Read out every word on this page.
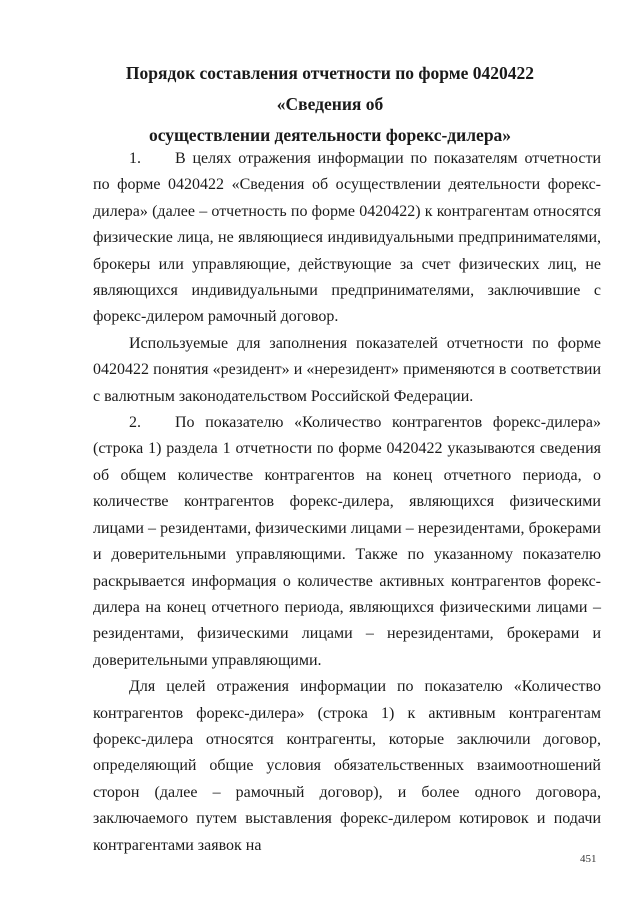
Порядок составления отчетности по форме 0420422 «Сведения об
осуществлении деятельности форекс-дилера»

1. В целях отражения информации по показателям отчетности по форме 0420422 «Сведения об осуществлении деятельности форекс-дилера» (далее – отчетность по форме 0420422) к контрагентам относятся физические лица, не являющиеся индивидуальными предпринимателями, брокеры или управляющие, действующие за счет физических лиц, не являющихся индивидуальными предпринимателями, заключившие с форекс-дилером рамочный договор.

Используемые для заполнения показателей отчетности по форме 0420422 понятия «резидент» и «нерезидент» применяются в соответствии с валютным законодательством Российской Федерации.

2. По показателю «Количество контрагентов форекс-дилера» (строка 1) раздела 1 отчетности по форме 0420422 указываются сведения об общем количестве контрагентов на конец отчетного периода, о количестве контрагентов форекс-дилера, являющихся физическими лицами – резидентами, физическими лицами – нерезидентами, брокерами и доверительными управляющими. Также по указанному показателю раскрывается информация о количестве активных контрагентов форекс-дилера на конец отчетного периода, являющихся физическими лицами – резидентами, физическими лицами – нерезидентами, брокерами и доверительными управляющими.

Для целей отражения информации по показателю «Количество контрагентов форекс-дилера» (строка 1) к активным контрагентам форекс-дилера относятся контрагенты, которые заключили договор, определяющий общие условия обязательственных взаимоотношений сторон (далее – рамочный договор), и более одного договора, заключаемого путем выставления форекс-дилером котировок и подачи контрагентами заявок на

451
